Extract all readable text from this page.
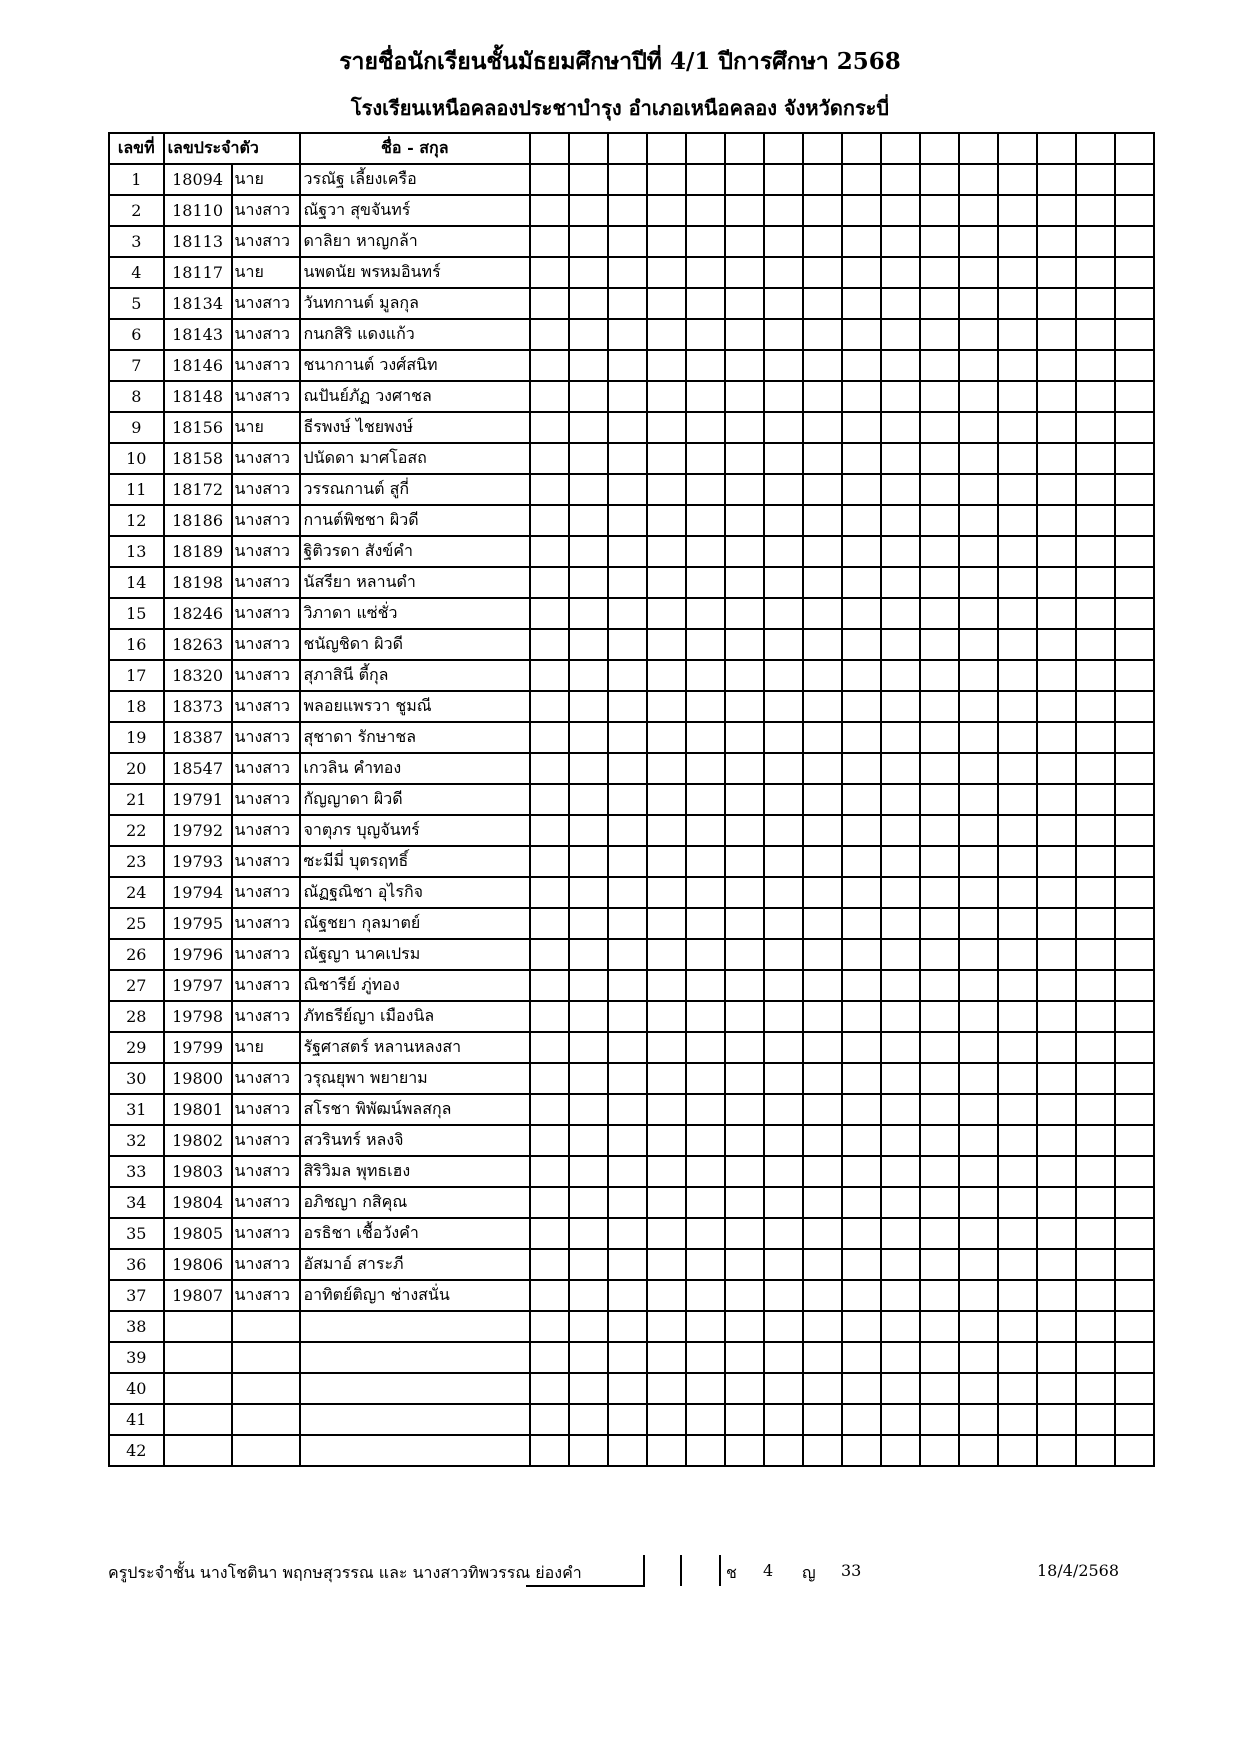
รายชื่อนักเรียนชั้นมัธยมศึกษาปีที่ 4/1 ปีการศึกษา 2568
โรงเรียนเหนือคลองประชาบำรุง อำเภอเหนือคลอง จังหวัดกระบี่
เลขที่	เลขประจำตัว		ชื่อ - สกุล																
1	18094	นาย	วรณัฐ เลี้ยงเครือ																
2	18110	นางสาว	ณัฐวา สุขจันทร์																
3	18113	นางสาว	ดาลิยา หาญกล้า																
4	18117	นาย	นพดนัย พรหมอินทร์																
5	18134	นางสาว	วันทกานต์ มูลกุล																
6	18143	นางสาว	กนกสิริ แดงแก้ว																
7	18146	นางสาว	ชนากานต์ วงศ์สนิท																
8	18148	นางสาว	ณปันย์ภัฏ วงศาชล																
9	18156	นาย	ธีรพงษ์ ไชยพงษ์																
10	18158	นางสาว	ปนัดดา มาศโอสถ																
11	18172	นางสาว	วรรณกานต์ สูกี่																
12	18186	นางสาว	กานต์พิชชา ผิวดี																
13	18189	นางสาว	ฐิติวรดา สังข์คำ																
14	18198	นางสาว	นัสรียา หลานดำ																
15	18246	นางสาว	วิภาดา แซ่ชั่ว																
16	18263	นางสาว	ชนัญชิดา ผิวดี																
17	18320	นางสาว	สุภาสินี ตี้กุล																
18	18373	นางสาว	พลอยแพรวา ชูมณี																
19	18387	นางสาว	สุชาดา รักษาชล																
20	18547	นางสาว	เกวลิน คำทอง																
21	19791	นางสาว	กัญญาดา ผิวดี																
22	19792	นางสาว	จาตุภร บุญจันทร์																
23	19793	นางสาว	ซะมีมี่ บุตรฤทธิ์																
24	19794	นางสาว	ณัฏฐณิชา อุไรกิจ																
25	19795	นางสาว	ณัฐชยา กุลมาตย์																
26	19796	นางสาว	ณัฐญา นาคเปรม																
27	19797	นางสาว	ณิชารีย์ ภู่ทอง																
28	19798	นางสาว	ภัทธรีย์ญา เมืองนิล																
29	19799	นาย	รัฐศาสตร์ หลานหลงสา																
30	19800	นางสาว	วรุณยุพา พยายาม																
31	19801	นางสาว	สโรชา พิพัฒน์พลสกุล																
32	19802	นางสาว	สวรินทร์ หลงจิ																
33	19803	นางสาว	สิริวิมล พุทธเฮง																
34	19804	นางสาว	อภิชญา กสิคุณ																
35	19805	นางสาว	อรธิชา เชื้อวังคำ																
36	19806	นางสาว	อัสมาอ์ สาระภี																
37	19807	นางสาว	อาทิตย์ติญา ช่างสนั่น																
38																			
39																			
40																			
41																			
42																			
ครูประจำชั้น นางโชตินา พฤกษสุวรรณ และ นางสาวทิพวรรณ ย่องคำ	ช 4 ญ 33	18/4/2568
